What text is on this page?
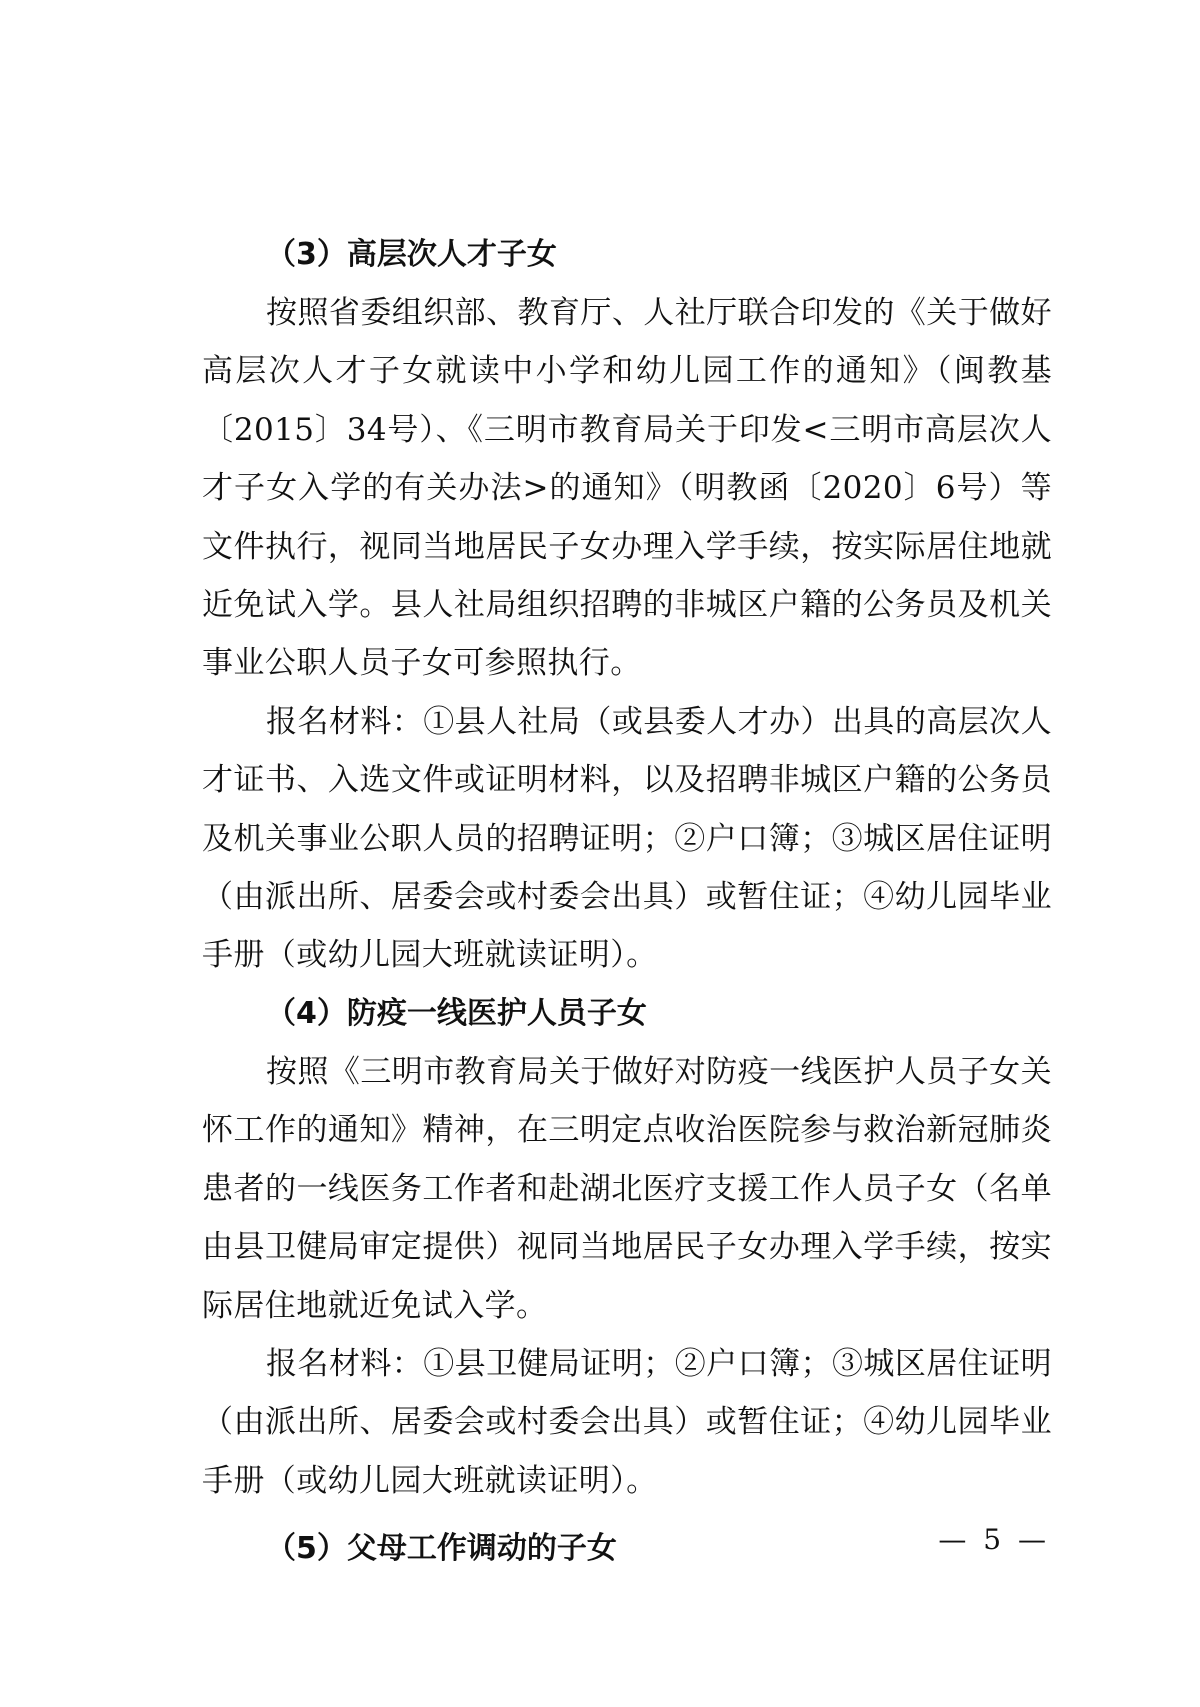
（3）高层次人才子女

按照省委组织部、教育厅、人社厅联合印发的《关于做好高层次人才子女就读中小学和幼儿园工作的通知》（闽教基〔2015〕34号）、《三明市教育局关于印发<三明市高层次人才子女入学的有关办法>的通知》（明教函〔2020〕6号）等文件执行，视同当地居民子女办理入学手续，按实际居住地就近免试入学。县人社局组织招聘的非城区户籍的公务员及机关事业公职人员子女可参照执行。

报名材料：①县人社局（或县委人才办）出具的高层次人才证书、入选文件或证明材料，以及招聘非城区户籍的公务员及机关事业公职人员的招聘证明；②户口簿；③城区居住证明（由派出所、居委会或村委会出具）或暂住证；④幼儿园毕业手册（或幼儿园大班就读证明）。

（4）防疫一线医护人员子女

按照《三明市教育局关于做好对防疫一线医护人员子女关怀工作的通知》精神，在三明定点收治医院参与救治新冠肺炎患者的一线医务工作者和赴湖北医疗支援工作人员子女（名单由县卫健局审定提供）视同当地居民子女办理入学手续，按实际居住地就近免试入学。

报名材料：①县卫健局证明；②户口簿；③城区居住证明（由派出所、居委会或村委会出具）或暂住证；④幼儿园毕业手册（或幼儿园大班就读证明）。

（5）父母工作调动的子女	— 5 —
